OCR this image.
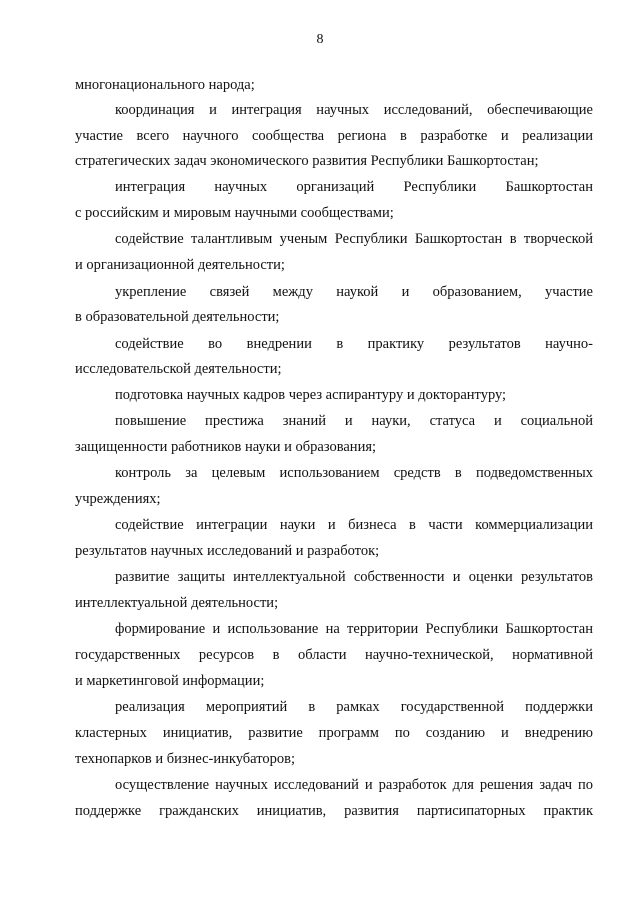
8
многонационального народа;
координация и интеграция научных исследований, обеспечивающие
участие всего научного сообщества региона в разработке и реализации
стратегических задач экономического развития Республики Башкортостан;
интеграция научных организаций Республики Башкортостан
с российским и мировым научными сообществами;
содействие талантливым ученым Республики Башкортостан в творческой
и организационной деятельности;
укрепление связей между наукой и образованием, участие
в образовательной деятельности;
содействие во внедрении в практику результатов научно-
исследовательской деятельности;
подготовка научных кадров через аспирантуру и докторантуру;
повышение престижа знаний и науки, статуса и социальной
защищенности работников науки и образования;
контроль за целевым использованием средств в подведомственных
учреждениях;
содействие интеграции науки и бизнеса в части коммерциализации
результатов научных исследований и разработок;
развитие защиты интеллектуальной собственности и оценки результатов
интеллектуальной деятельности;
формирование и использование на территории Республики Башкортостан
государственных ресурсов в области научно-технической, нормативной
и маркетинговой информации;
реализация мероприятий в рамках государственной поддержки
кластерных инициатив, развитие программ по созданию и внедрению
технопарков и бизнес-инкубаторов;
осуществление научных исследований и разработок для решения задач по
поддержке гражданских инициатив, развития партисипаторных практик
